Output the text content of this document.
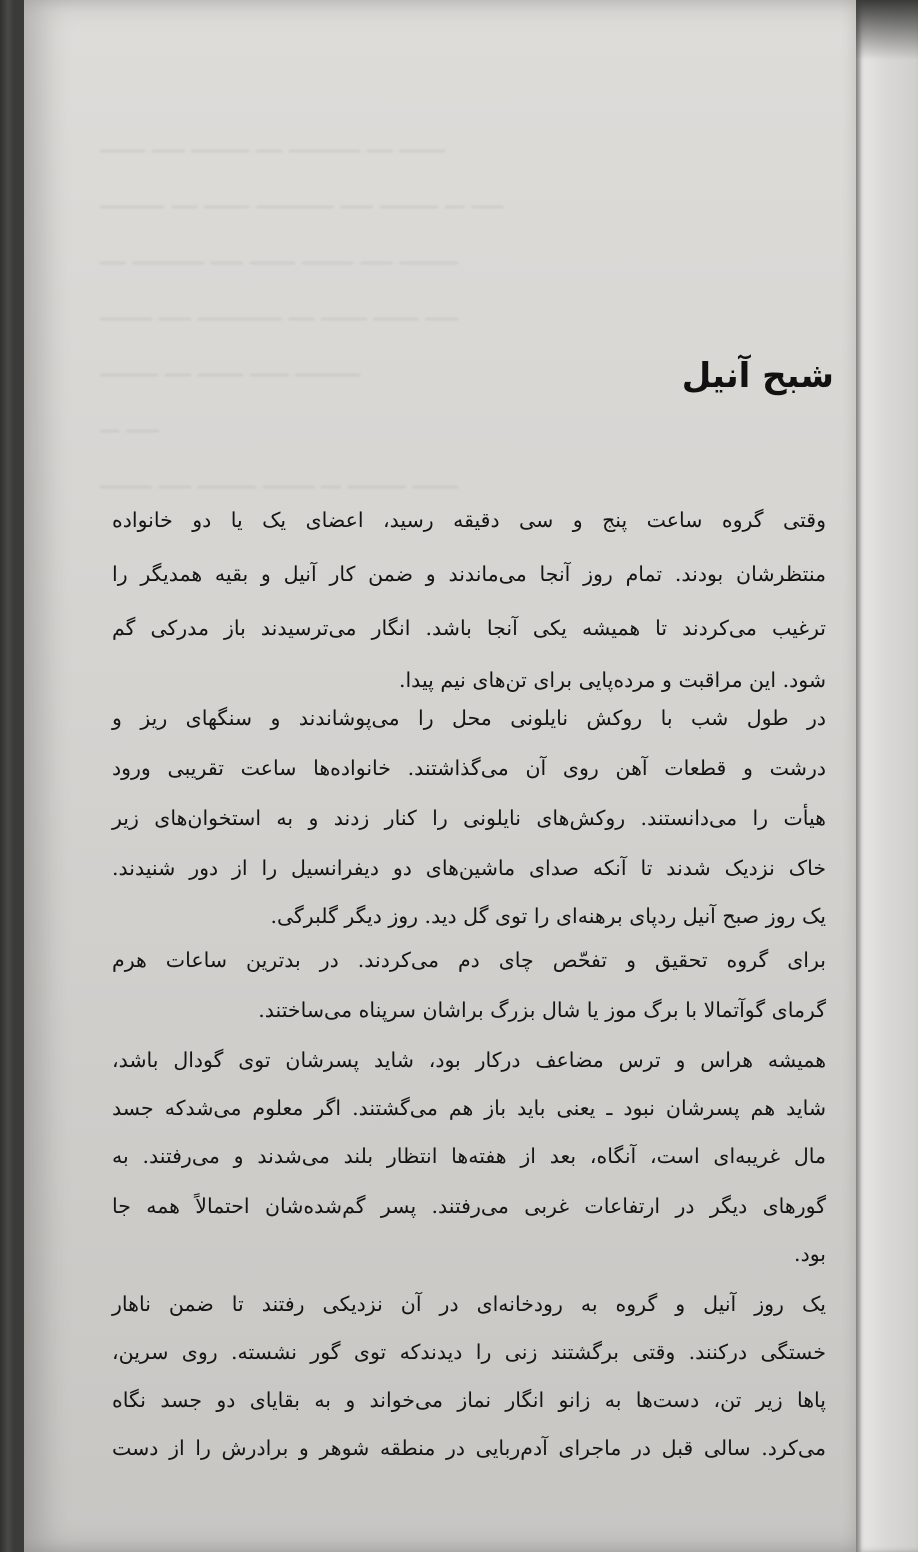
ـــــــ ـــــ ـــــــــ ــــ ـــــــــــ ــــ ـــــــ
ــــــــــ ــــ ـــــــ ــــــــــــ ـــــ ـــــــــ ـــ ـــــ
ــــ ـــــــــــ ـــــ ـــــــ ــــــــ ـــــ ـــــــــ
ــــــــ ـــــ ـــــــــــــ ــــ ـــــــ ـــــــ ـــــ
ـــــــــ ــــ ـــــــ ــــــ ــــــــــ
ـــ ـــــ
ــــــــ ـــــ ـــــــــ ــــــــ ـــ ـــــــــ ـــــــ
شبح آنیل
وقتی گروه ساعت پنج و سی دقیقه رسید، اعضای یک یا دو خانواده
منتظرشان بودند. تمام روز آنجا می‌ماندند و ضمن کار آنیل و بقیه همدیگر را
ترغیب می‌کردند تا همیشه یکی آنجا باشد. انگار می‌ترسیدند باز مدرکی گم
شود. این مراقبت و مرده‌پایی برای تن‌های نیم پیدا.
در طول شب با روکش نایلونی محل را می‌پوشاندند و سنگهای ریز و
درشت و قطعات آهن روی آن می‌گذاشتند. خانواده‌ها ساعت تقریبی ورود
هیأت را می‌دانستند. روکش‌های نایلونی را کنار زدند و به استخوان‌های زیر
خاک نزدیک شدند تا آنکه صدای ماشین‌های دو دیفرانسیل را از دور شنیدند.
یک روز صبح آنیل ردپای برهنه‌ای را توی گل دید. روز دیگر گلبرگی.
برای گروه تحقیق و تفحّص چای دم می‌کردند. در بدترین ساعات هرم
گرمای گوآتمالا با برگ موز یا شال بزرگ براشان سرپناه می‌ساختند.
همیشه هراس و ترس مضاعف درکار بود، شاید پسرشان توی گودال باشد،
شاید هم پسرشان نبود ـ یعنی باید باز هم می‌گشتند. اگر معلوم می‌شدکه جسد
مال غریبه‌ای است، آنگاه، بعد از هفته‌ها انتظار بلند می‌شدند و می‌رفتند. به
گورهای دیگر در ارتفاعات غربی می‌رفتند. پسر گم‌شده‌شان احتمالاً همه جا
بود.
یک روز آنیل و گروه به رودخانه‌ای در آن نزدیکی رفتند تا ضمن ناهار
خستگی درکنند. وقتی برگشتند زنی را دیدندکه توی گور نشسته. روی سرین،
پاها زیر تن، دست‌ها به زانو انگار نماز می‌خواند و به بقایای دو جسد نگاه
می‌کرد. سالی قبل در ماجرای آدم‌ربایی در منطقه شوهر و برادرش را از دست
